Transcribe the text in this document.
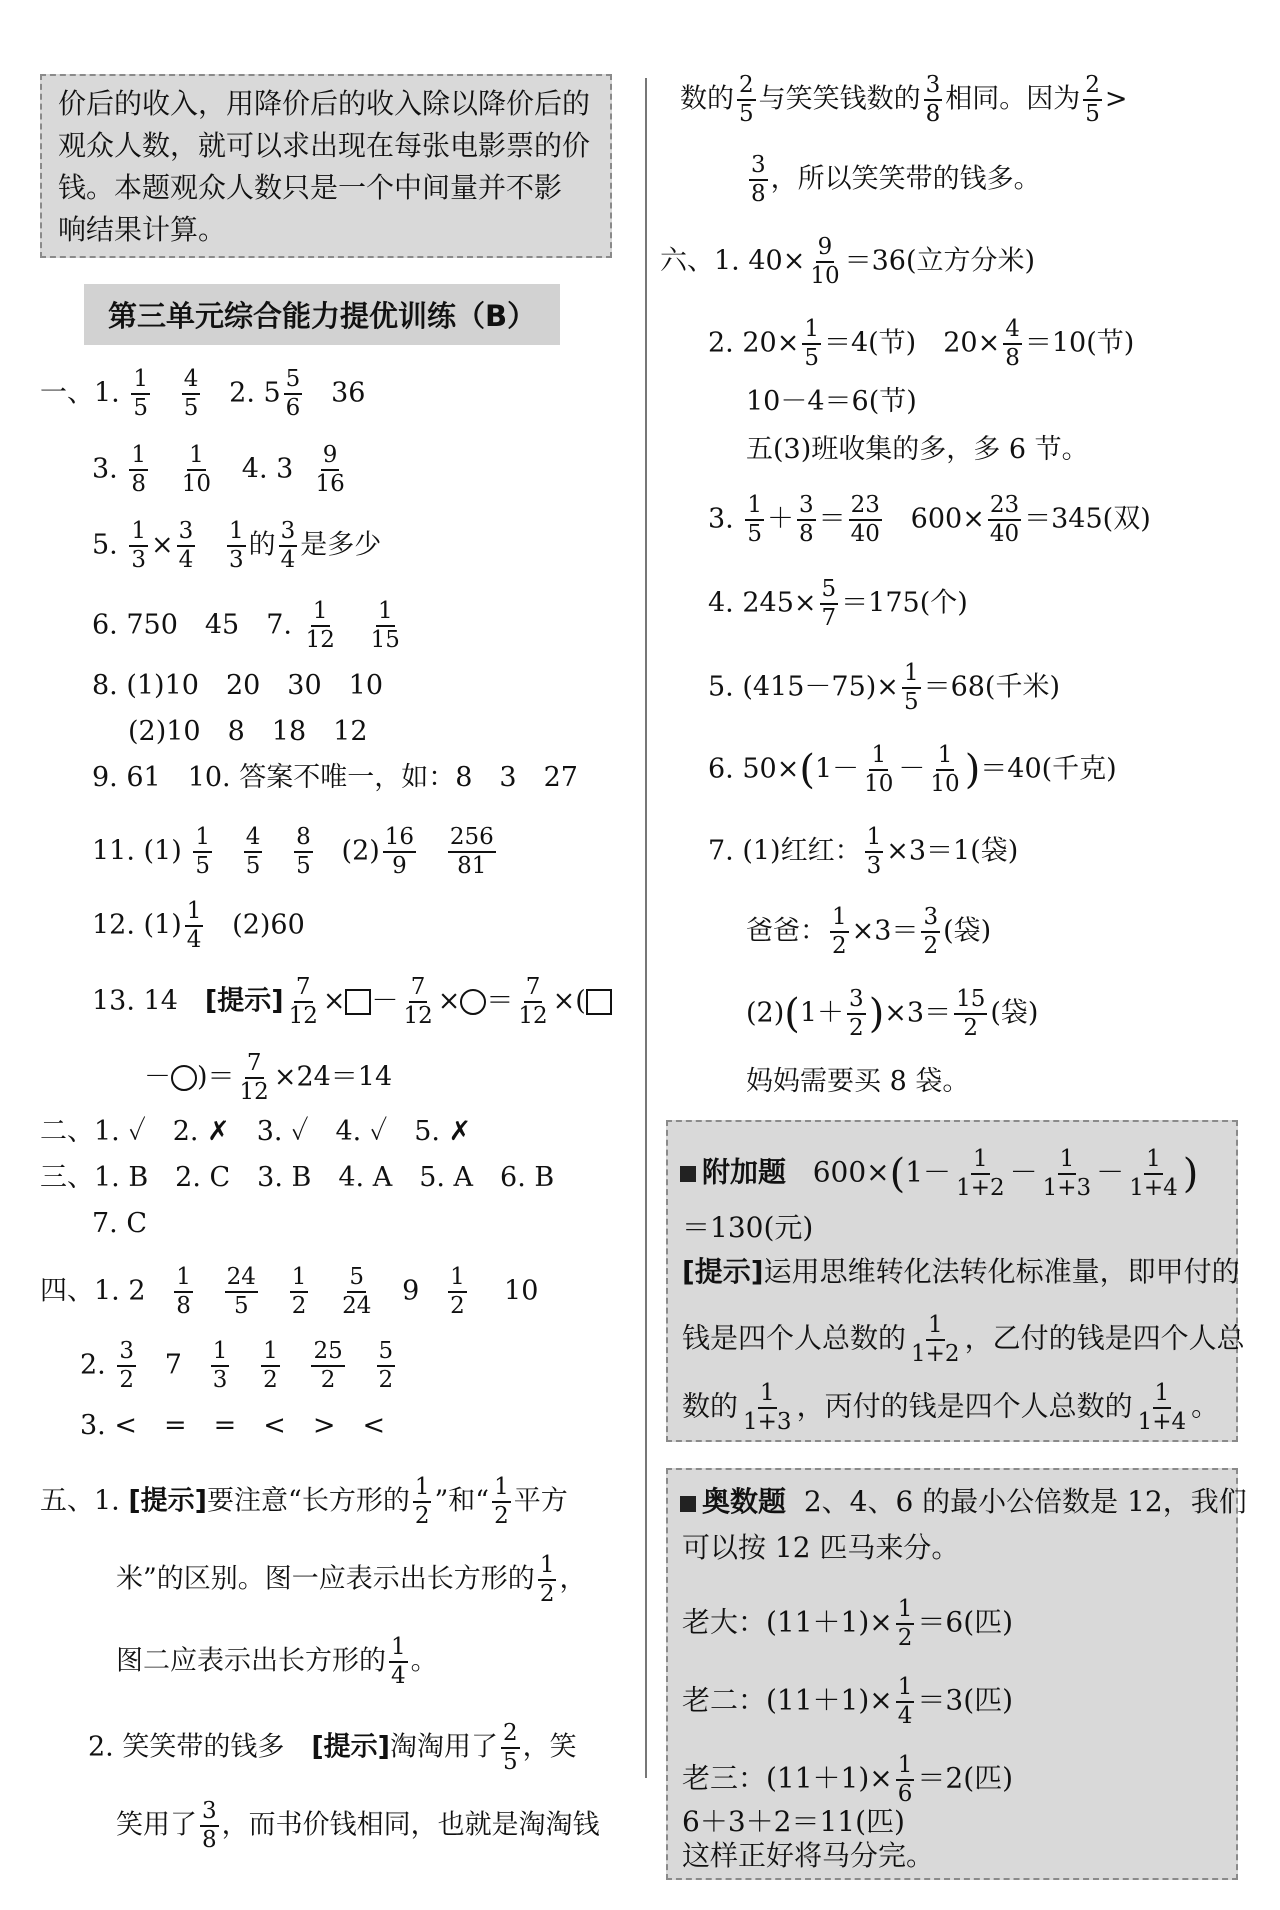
价后的收入，用降价后的收入除以降价后的
观众人数，就可以求出现在每张电影票的价
钱。本题观众人数只是一个中间量并不影
响结果计算。
第三单元综合能力提优训练（B）
一、1. $\frac{1}{5}$
$\frac{4}{5} 2$. $5 \frac{5}{6} 36$
3. $\frac{1}{8}$
$\frac{1}{10} 4$. $3 \frac{9}{16}$
5. $\frac{1}{3} \times \frac{3}{4}$
$\frac{1}{3}$ 的 $\frac{3}{4}$ 是多少
6. 750　45　7. $\frac{1}{12}$
$\frac{1}{15}$
8. (1)10　20　30　10
(2)10　8　18　12
9. 61　10. 答案不唯一，如：8　3　27
11. $(1) \frac{1}{5}$
$\frac{4}{5}$
$\frac{8}{5} (2) \frac{16}{9}$
$\frac{256}{81}$
12. $(1) \frac{1}{4} (2)60$
13. 14　[提示] $\frac{7}{12}$ × － $\frac{7}{12}$ × ＝ $\frac{7}{12}$ ×(
－ )＝ $\frac{7}{12} \times 24=14$
二、1. ✓　2. ✗　3. ✓　4. ✓　5. ✗
三、1. B　2. C　3. B　4. A　5. A　6. B
7. C
四、1. $2 \frac{1}{8}$
$\frac{24}{5}$
$\frac{1}{2}$
$\frac{5}{24} 9 \frac{1}{2} 10$
2. $\frac{3}{2} 7 \frac{1}{3}$
$\frac{1}{2}$
$\frac{25}{2}$
$\frac{5}{2}$
3. <　=　=　<　>　<
五、1. [提示]要注意“长方形的 $\frac{1}{2}$ ”和“ $\frac{1}{2}$ 平方
米”的区别。图一应表示出长方形的 $\frac{1}{2}$ ，
图二应表示出长方形的 $\frac{1}{4}$ 。
2. 笑笑带的钱多　[提示]淘淘用了 $\frac{2}{5}$ ，笑
笑用了 $\frac{3}{8}$ ，而书价钱相同，也就是淘淘钱
数的 $\frac{2}{5}$ 与笑笑钱数的 $\frac{3}{8}$ 相同。因为 $\frac{2}{5}$ >
$\frac{3}{8}$ ，所以笑笑带的钱多。
六、1. $40\times \frac{9}{10} =36$(立方分米)
2. $20\times \frac{1}{5} =4$(节)　$20\times \frac{4}{8} =10$(节)
10－4＝6(节)
五(3)班收集的多，多 6 节。
3. $\frac{1}{5} + \frac{3}{8} = \frac{23}{40} 600\times \frac{23}{40} =345$(双)
4. $245\times \frac{5}{7} =175$(个)
5. $(415-75)\times \frac{1}{5} =68$(千米)
6. $50\times(1- \frac{1}{10} - \frac{1}{10} )=40$(千克)
7. (1)红红： $\frac{1}{3} \times 3=1$(袋)
爸爸： $\frac{1}{2} \times 3= \frac{3}{2}$ (袋)
$(2)(1+ \frac{3}{2} )\times 3= \frac{15}{2}$ (袋)
妈妈需要买 8 袋。
附加题 $600\times(1- \frac{1}{1+2} - \frac{1}{1+3} - \frac{1}{1+4}$ )
＝130(元)
[提示]运用思维转化法转化标准量，即甲付的
钱是四个人总数的 $\frac{1}{1+2}$ ，乙付的钱是四个人总
数的 $\frac{1}{1+3}$ ，丙付的钱是四个人总数的 $\frac{1}{1+4}$ 。
奥数题 2、4、6 的最小公倍数是 12，我们
可以按 12 匹马来分。
老大：$(11+1)\times \frac{1}{2} =6$(匹)
老二：$(11+1)\times \frac{1}{4} =3$(匹)
老三：$(11+1)\times \frac{1}{6} =2$(匹)
6＋3＋2＝11(匹)
这样正好将马分完。
